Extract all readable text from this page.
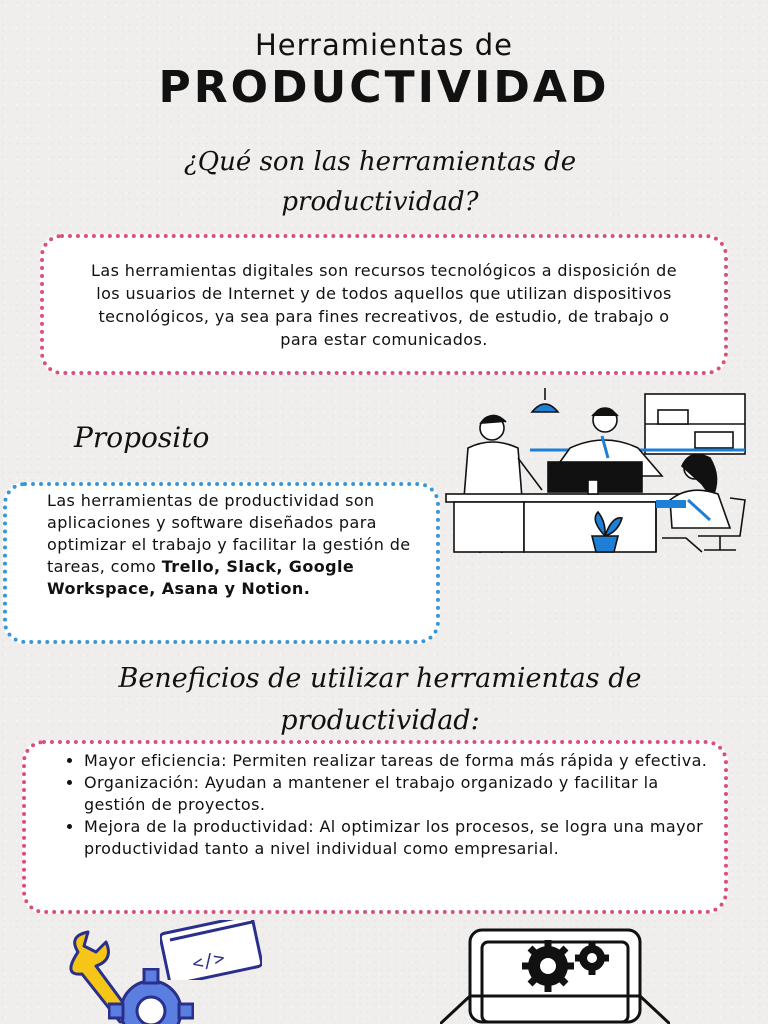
Herramientas de
PRODUCTIVIDAD
¿Qué son las herramientas de
productividad?

Las herramientas digitales son recursos tecnológicos a disposición de los usuarios de Internet y de todos aquellos que utilizan dispositivos tecnológicos, ya sea para fines recreativos, de estudio, de trabajo o para estar comunicados.

Proposito

Las herramientas de productividad son aplicaciones y software diseñados para optimizar el trabajo y facilitar la gestión de tareas, como Trello, Slack, Google Workspace, Asana y Notion.

Beneficios de utilizar herramientas de
productividad:
• Mayor eficiencia: Permiten realizar tareas de forma más rápida y efectiva.
• Organización: Ayudan a mantener el trabajo organizado y facilitar la gestión de proyectos.
• Mejora de la productividad: Al optimizar los procesos, se logra una mayor productividad tanto a nivel individual como empresarial.
</>
